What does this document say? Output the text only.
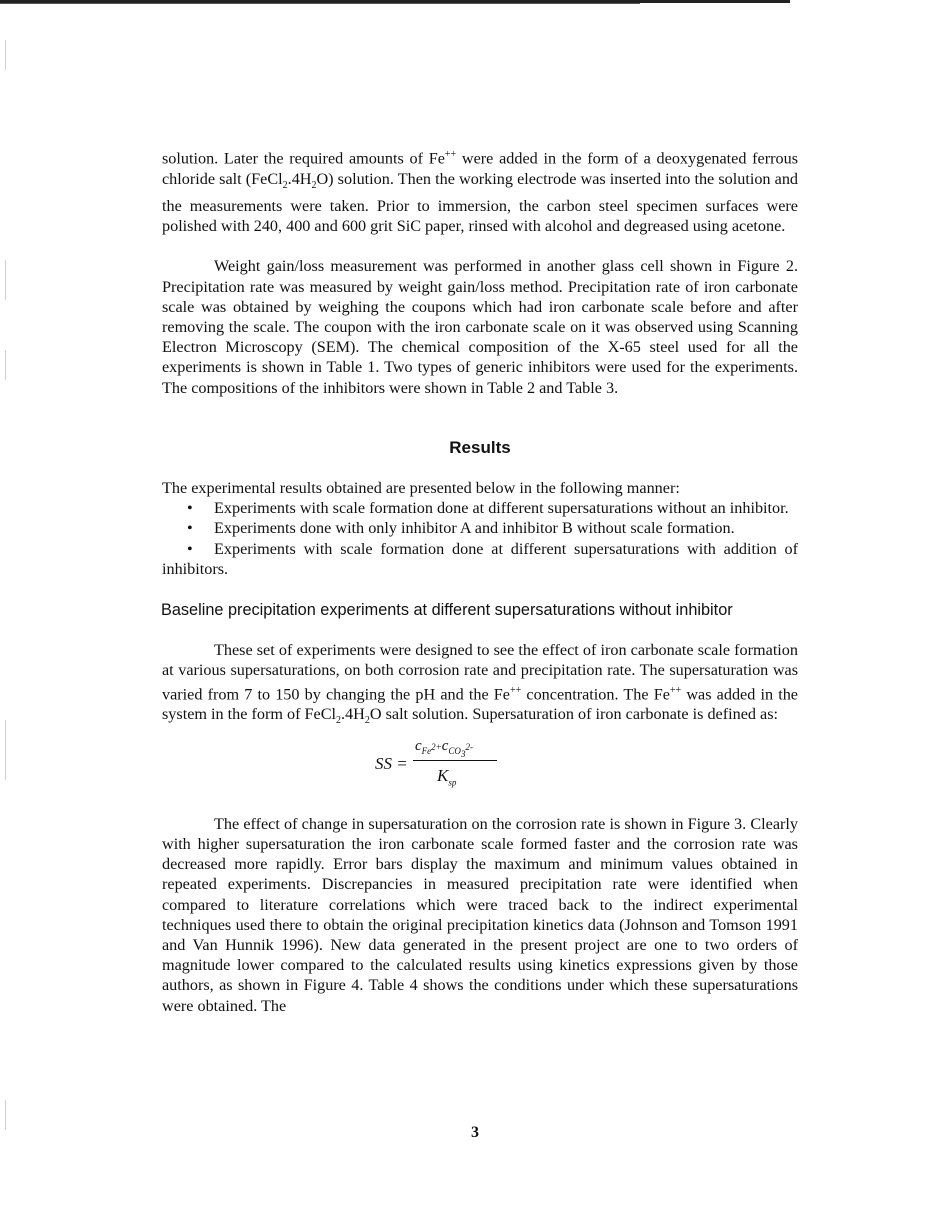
solution. Later the required amounts of Fe++ were added in the form of a deoxygenated ferrous chloride salt $(FeCl_2.4H_2O)$ solution. Then the working electrode was inserted into the solution and the measurements were taken. Prior to immersion, the carbon steel specimen surfaces were polished with 240, 400 and 600 grit SiC paper, rinsed with alcohol and degreased using acetone.

Weight gain/loss measurement was performed in another glass cell shown in Figure 2. Precipitation rate was measured by weight gain/loss method. Precipitation rate of iron carbonate scale was obtained by weighing the coupons which had iron carbonate scale before and after removing the scale. The coupon with the iron carbonate scale on it was observed using Scanning Electron Microscopy (SEM). The chemical composition of the X-65 steel used for all the experiments is shown in Table 1. Two types of generic inhibitors were used for the experiments. The compositions of the inhibitors were shown in Table 2 and Table 3.

Results

The experimental results obtained are presented below in the following manner:

• Experiments with scale formation done at different supersaturations without an inhibitor.
• Experiments done with only inhibitor A and inhibitor B without scale formation.
• Experiments with scale formation done at different supersaturations with addition of inhibitors.
Baseline precipitation experiments at different supersaturations without inhibitor

These set of experiments were designed to see the effect of iron carbonate scale formation at various supersaturations, on both corrosion rate and precipitation rate. The supersaturation was varied from 7 to 150 by changing the pH and the Fe++ concentration. The Fe++ was added in the system in the form of $FeCl_2.4H_2O$ salt solution. Supersaturation of iron carbonate is defined as:

SS =
$c_{Fe^{2+}}c_{CO_3^{2-}}$
$K_{sp}$

The effect of change in supersaturation on the corrosion rate is shown in Figure 3. Clearly with higher supersaturation the iron carbonate scale formed faster and the corrosion rate was decreased more rapidly. Error bars display the maximum and minimum values obtained in repeated experiments. Discrepancies in measured precipitation rate were identified when compared to literature correlations which were traced back to the indirect experimental techniques used there to obtain the original precipitation kinetics data (Johnson and Tomson 1991 and Van Hunnik 1996). New data generated in the present project are one to two orders of magnitude lower compared to the calculated results using kinetics expressions given by those authors, as shown in Figure 4. Table 4 shows the conditions under which these supersaturations were obtained. The

3
